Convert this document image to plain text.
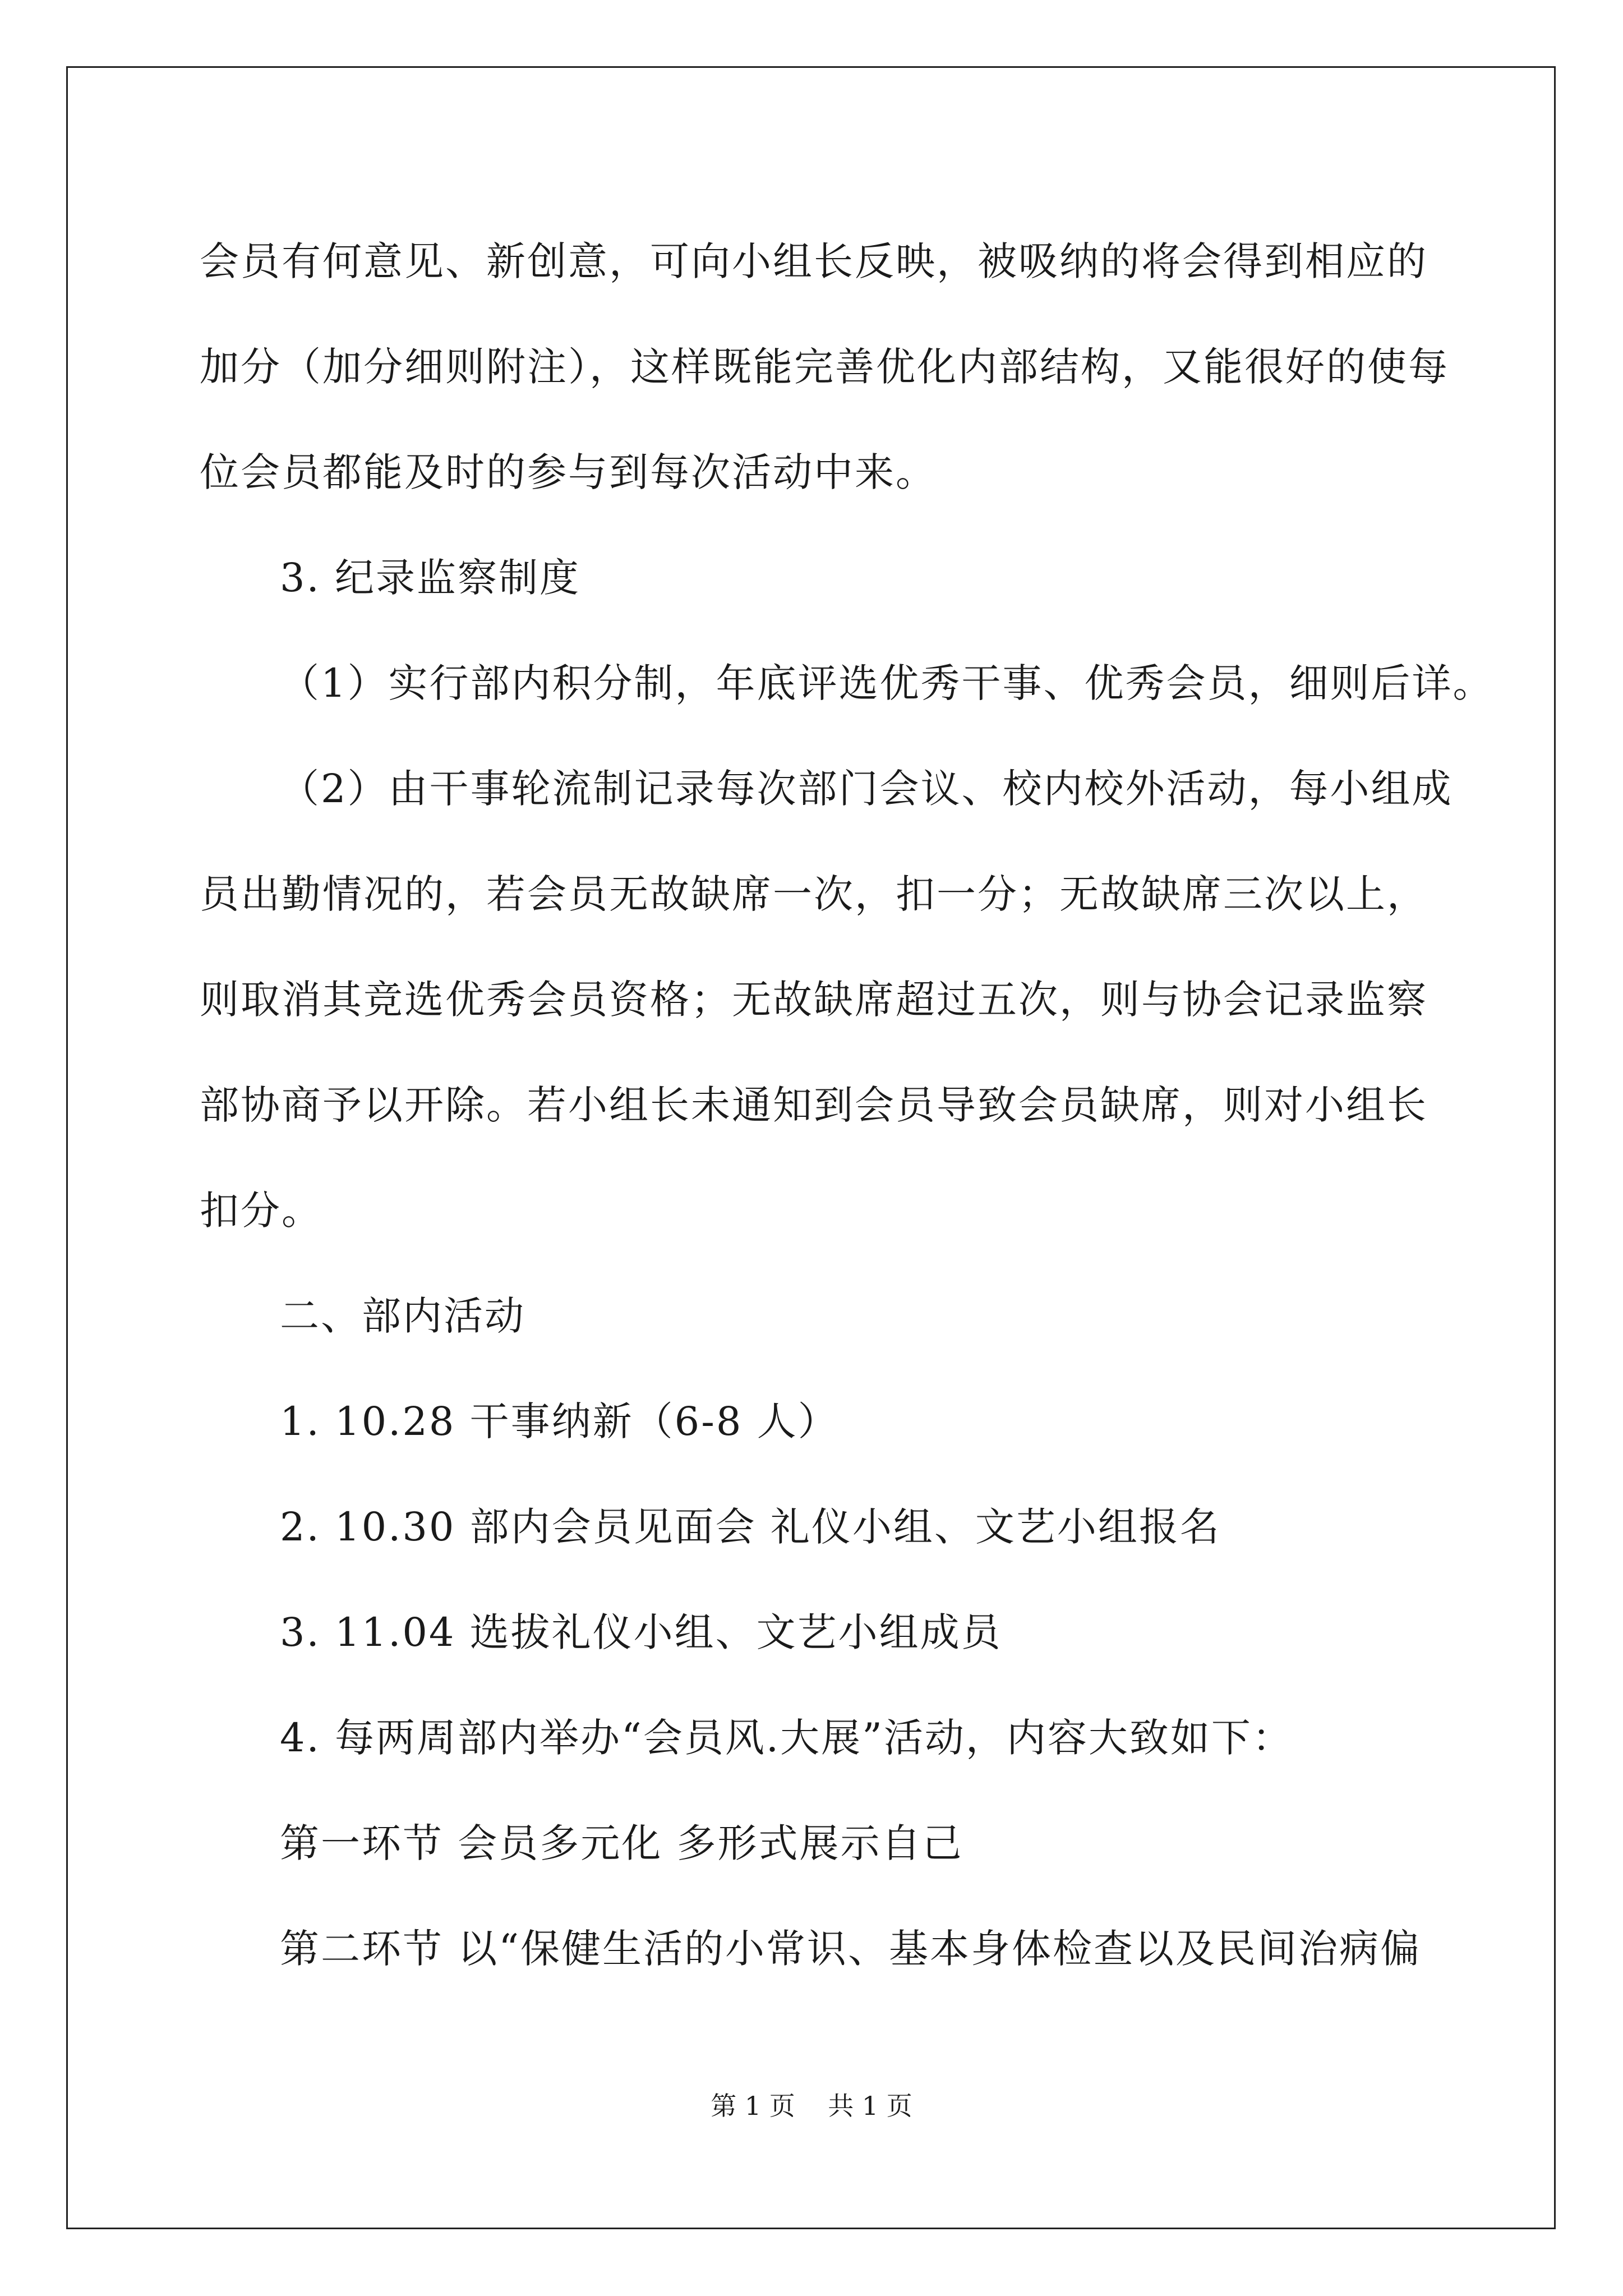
会员有何意见、新创意，可向小组长反映，被吸纳的将会得到相应的
加分（加分细则附注），这样既能完善优化内部结构，又能很好的使每
位会员都能及时的参与到每次活动中来。
3. 纪录监察制度
（1）实行部内积分制，年底评选优秀干事、优秀会员，细则后详。
（2）由干事轮流制记录每次部门会议、校内校外活动，每小组成
员出勤情况的，若会员无故缺席一次，扣一分；无故缺席三次以上，
则取消其竞选优秀会员资格；无故缺席超过五次，则与协会记录监察
部协商予以开除。若小组长未通知到会员导致会员缺席，则对小组长
扣分。
二、部内活动
1. 10.28 干事纳新（6-8 人）
2. 10.30 部内会员见面会 礼仪小组、文艺小组报名
3. 11.04 选拔礼仪小组、文艺小组成员
4. 每两周部内举办“会员风.大展”活动，内容大致如下：
第一环节 会员多元化 多形式展示自己
第二环节 以“保健生活的小常识、基本身体检查以及民间治病偏
第 1 页    共 1 页
